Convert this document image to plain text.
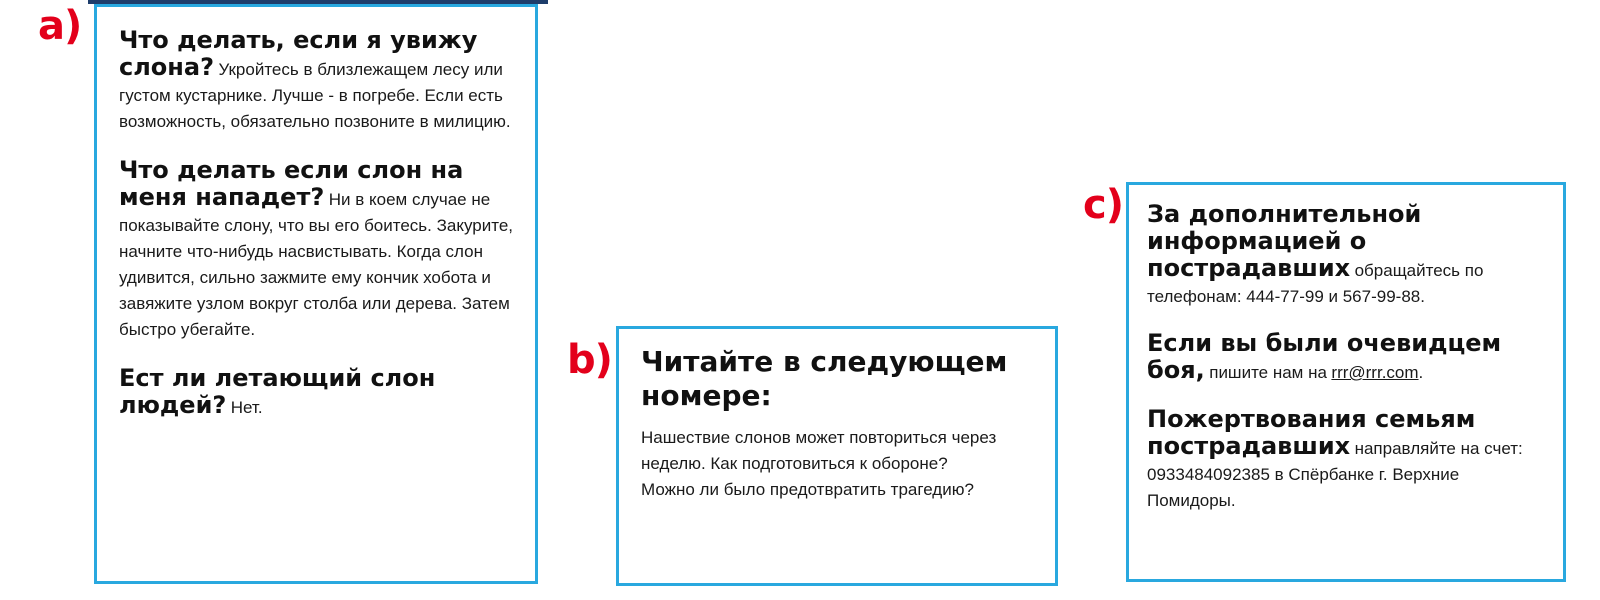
a) Что делать, если я увижу слона? Укройтесь в близлежащем лесу или густом кустарнике. Лучше - в погребе. Если есть возможность, обязательно позвоните в милицию.

Что делать если слон на меня нападет? Ни в коем случае не показывайте слону, что вы его боитесь. Закурите, начните что-нибудь насвистывать. Когда слон удивится, сильно зажмите ему кончик хобота и завяжите узлом вокруг столба или дерева. Затем быстро убегайте.

Ест ли летающий слон людей? Нет.

b) Читайте в следующем номере:

Нашествие слонов может повториться через неделю. Как подготовиться к обороне?

Можно ли было предотвратить трагедию?

c) За дополнительной информацией о пострадавших обращайтесь по телефонам: 444-77-99 и 567-99-88.

Если вы были очевидцем боя, пишите нам на rrr@rrr.com.

Пожертвования семьям пострадавших направляйте на счет: 0933484092385 в Спёрбанке г. Верхние Помидоры.
